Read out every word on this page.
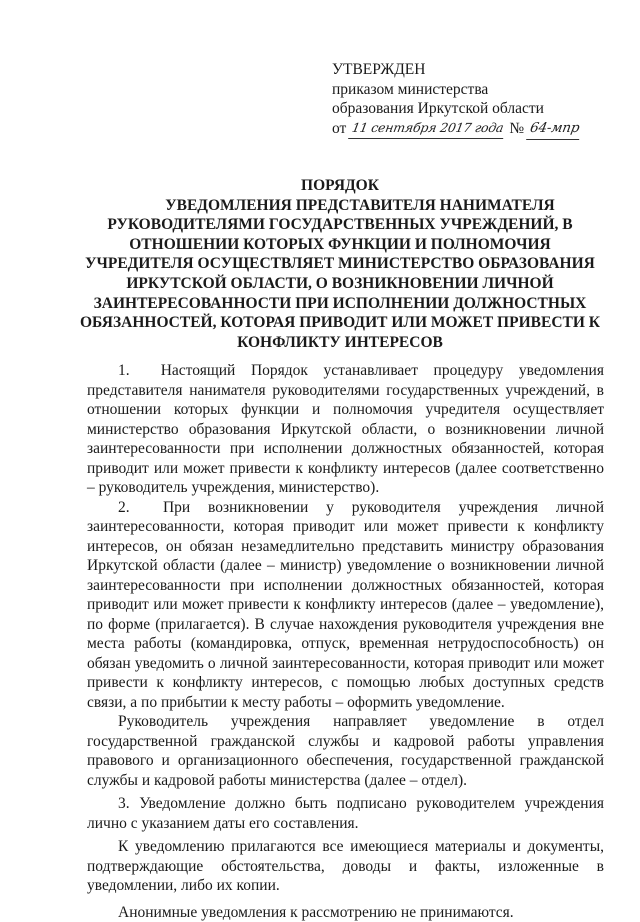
УТВЕРЖДЕН
приказом министерства
образования Иркутской области
от 11 сентября 2017 года № 64-мпр
ПОРЯДОК
УВЕДОМЛЕНИЯ ПРЕДСТАВИТЕЛЯ НАНИМАТЕЛЯ
РУКОВОДИТЕЛЯМИ ГОСУДАРСТВЕННЫХ УЧРЕЖДЕНИЙ, В
ОТНОШЕНИИ КОТОРЫХ ФУНКЦИИ И ПОЛНОМОЧИЯ
УЧРЕДИТЕЛЯ ОСУЩЕСТВЛЯЕТ МИНИСТЕРСТВО ОБРАЗОВАНИЯ
ИРКУТСКОЙ ОБЛАСТИ, О ВОЗНИКНОВЕНИИ ЛИЧНОЙ
ЗАИНТЕРЕСОВАННОСТИ ПРИ ИСПОЛНЕНИИ ДОЛЖНОСТНЫХ
ОБЯЗАННОСТЕЙ, КОТОРАЯ ПРИВОДИТ ИЛИ МОЖЕТ ПРИВЕСТИ К
КОНФЛИКТУ ИНТЕРЕСОВ

1.  Настоящий Порядок устанавливает процедуру уведомления представителя нанимателя руководителями государственных учреждений, в отношении которых функции и полномочия учредителя осуществляет министерство образования Иркутской области, о возникновении личной заинтересованности при исполнении должностных обязанностей, которая приводит или может привести к конфликту интересов (далее соответственно – руководитель учреждения, министерство).

2.  При возникновении у руководителя учреждения личной заинтересованности, которая приводит или может привести к конфликту интересов, он обязан незамедлительно представить министру образования Иркутской области (далее – министр) уведомление о возникновении личной заинтересованности при исполнении должностных обязанностей, которая приводит или может привести к конфликту интересов (далее – уведомление), по форме (прилагается). В случае нахождения руководителя учреждения вне места работы (командировка, отпуск, временная нетрудоспособность) он обязан уведомить о личной заинтересованности, которая приводит или может привести к конфликту интересов, с помощью любых доступных средств связи, а по прибытии к месту работы – оформить уведомление.

Руководитель учреждения направляет уведомление в отдел государственной гражданской службы и кадровой работы управления правового и организационного обеспечения, государственной гражданской службы и кадровой работы министерства (далее – отдел).

3. Уведомление должно быть подписано руководителем учреждения лично с указанием даты его составления.

К уведомлению прилагаются все имеющиеся материалы и документы, подтверждающие обстоятельства, доводы и факты, изложенные в уведомлении, либо их копии.

Анонимные уведомления к рассмотрению не принимаются.
